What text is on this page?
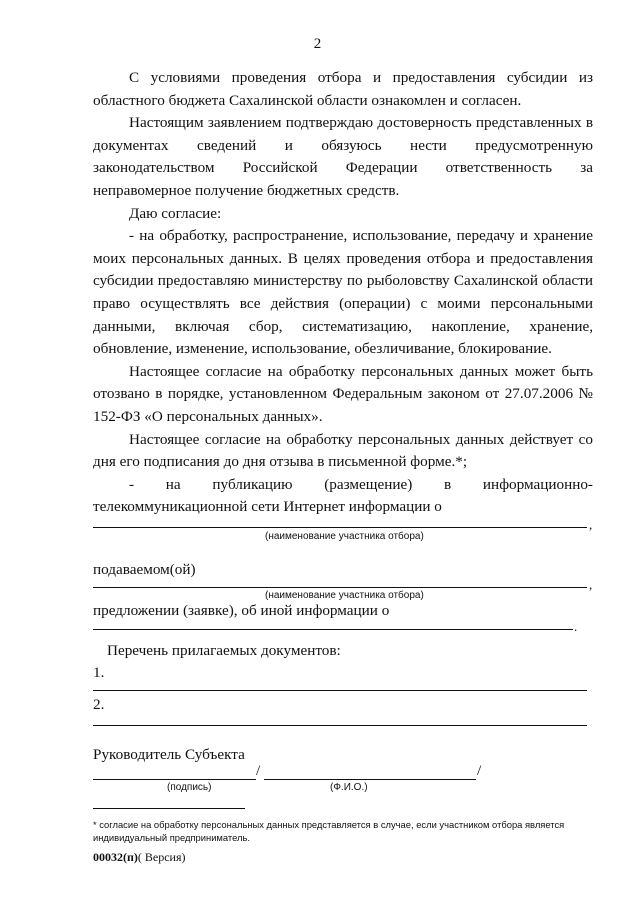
2

С условиями проведения отбора и предоставления субсидии из областного бюджета Сахалинской области ознакомлен и согласен.

Настоящим заявлением подтверждаю достоверность представленных в документах сведений и обязуюсь нести предусмотренную законодательством Российской Федерации ответственность за неправомерное получение бюджетных средств.

Даю согласие:

- на обработку, распространение, использование, передачу и хранение моих персональных данных. В целях проведения отбора и предоставления субсидии предоставляю министерству по рыболовству Сахалинской области право осуществлять все действия (операции) с моими персональными данными, включая сбор, систематизацию, накопление, хранение, обновление, изменение, использование, обезличивание, блокирование.

Настоящее согласие на обработку персональных данных может быть отозвано в порядке, установленном Федеральным законом от 27.07.2006 № 152-ФЗ «О персональных данных».

Настоящее согласие на обработку персональных данных действует со дня его подписания до дня отзыва в письменной форме.*;

- на публикацию (размещение) в информационно-телекоммуникационной сети Интернет информации о

,
(наименование участника отбора)
подаваемом(ой)
,
(наименование участника отбора)
предложении (заявке), об иной информации о
.
Перечень прилагаемых документов:
1.
2.
Руководитель Субъекта
/	/
(подпись)	(Ф.И.О.)
* согласие на обработку персональных данных представляется в случае, если участником отбора является индивидуальный предприниматель.
00032(п)( Версия)
